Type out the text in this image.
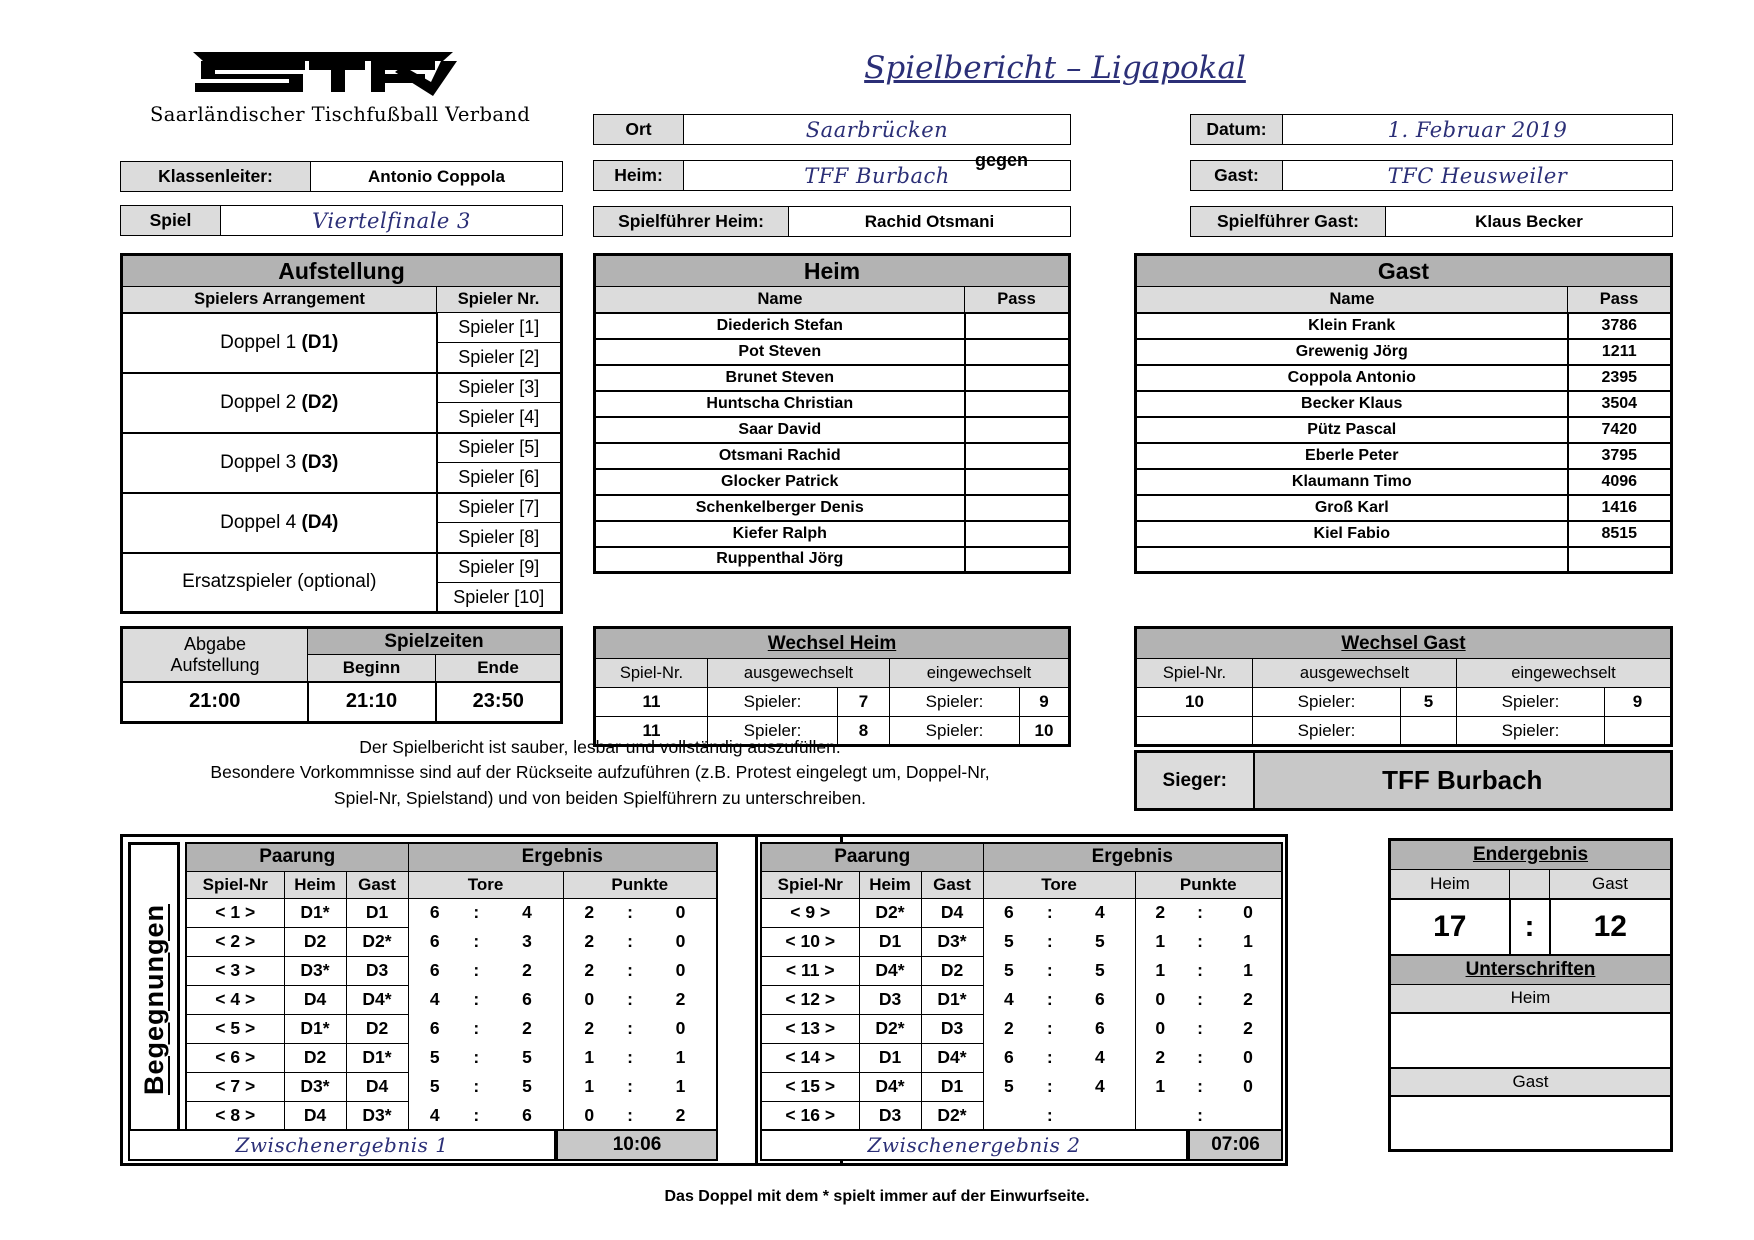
Saarländischer Tischfußball Verband
Spielbericht – Ligapokal
Klassenleiter:	Antonio Coppola
Spiel	Viertelfinale 3
Ort	Saarbrücken
Heim:	TFF Burbach
gegen
Datum:	1. Februar 2019
Gast:	TFC Heusweiler
Spielführer Heim:	Rachid Otsmani	Spielführer Gast:	Klaus Becker
Aufstellung	
Spielers Arrangement	Spieler Nr.
Doppel 1 (D1)	Spieler [1]
	Spieler [2]
Doppel 2 (D2)	Spieler [3]
	Spieler [4]
Doppel 3 (D3)	Spieler [5]
	Spieler [6]
Doppel 4 (D4)	Spieler [7]
	Spieler [8]
Ersatzspieler (optional)	Spieler [9]
	Spieler [10]
Heim	
Name	Pass
Diederich Stefan	
Pot Steven	
Brunet Steven	
Huntscha Christian	
Saar David	
Otsmani Rachid	
Glocker Patrick	
Schenkelberger Denis	
Kiefer Ralph	
Ruppenthal Jörg	
Gast	
Name	Pass
Klein Frank	3786
Grewenig Jörg	1211
Coppola Antonio	2395
Becker Klaus	3504
Pütz Pascal	7420
Eberle Peter	3795
Klaumann Timo	4096
Groß Karl	1416
Kiel Fabio	8515

Abgabe
Aufstellung	Spielzeiten	
	Beginn	Ende
21:00	21:10	23:50
Wechsel Heim				
Spiel-Nr.	ausgewechselt		eingewechselt	
11	Spieler:	7	Spieler:	9
11	Spieler:	8	Spieler:	10
Wechsel Gast				
Spiel-Nr.	ausgewechselt		eingewechselt	
10	Spieler:	5	Spieler:	9
	Spieler:		Spieler:	
Der Spielbericht ist sauber, lesbar und vollständig auszufüllen.
Besondere Vorkommnisse sind auf der Rückseite aufzuführen (z.B. Protest eingelegt um, Doppel-Nr,
Spiel-Nr, Spielstand) und von beiden Spielführern zu unterschreiben.
Sieger:	TFF Burbach
Begegnungen
Paarung			Ergebnis					
Spiel-Nr	Heim	Gast	Tore			Punkte		
< 1 >	D1*	D1	6	:	4	2	:	0
< 2 >	D2	D2*	6	:	3	2	:	0
< 3 >	D3*	D3	6	:	2	2	:	0
< 4 >	D4	D4*	4	:	6	0	:	2
< 5 >	D1*	D2	6	:	2	2	:	0
< 6 >	D2	D1*	5	:	5	1	:	1
< 7 >	D3*	D4	5	:	5	1	:	1
< 8 >	D4	D3*	4	:	6	0	:	2
Zwischenergebnis 1	10:06
Paarung			Ergebnis					
Spiel-Nr	Heim	Gast	Tore			Punkte		
< 9 >	D2*	D4	6	:	4	2	:	0
< 10 >	D1	D3*	5	:	5	1	:	1
< 11 >	D4*	D2	5	:	5	1	:	1
< 12 >	D3	D1*	4	:	6	0	:	2
< 13 >	D2*	D3	2	:	6	0	:	2
< 14 >	D1	D4*	6	:	4	2	:	0
< 15 >	D4*	D1	5	:	4	1	:	0
< 16 >	D3	D2*		:			:	
Zwischenergebnis 2	07:06
Endergebnis		
Heim		Gast
17	:	12
Unterschriften		
Heim		

Gast		

Das Doppel mit dem * spielt immer auf der Einwurfseite.
